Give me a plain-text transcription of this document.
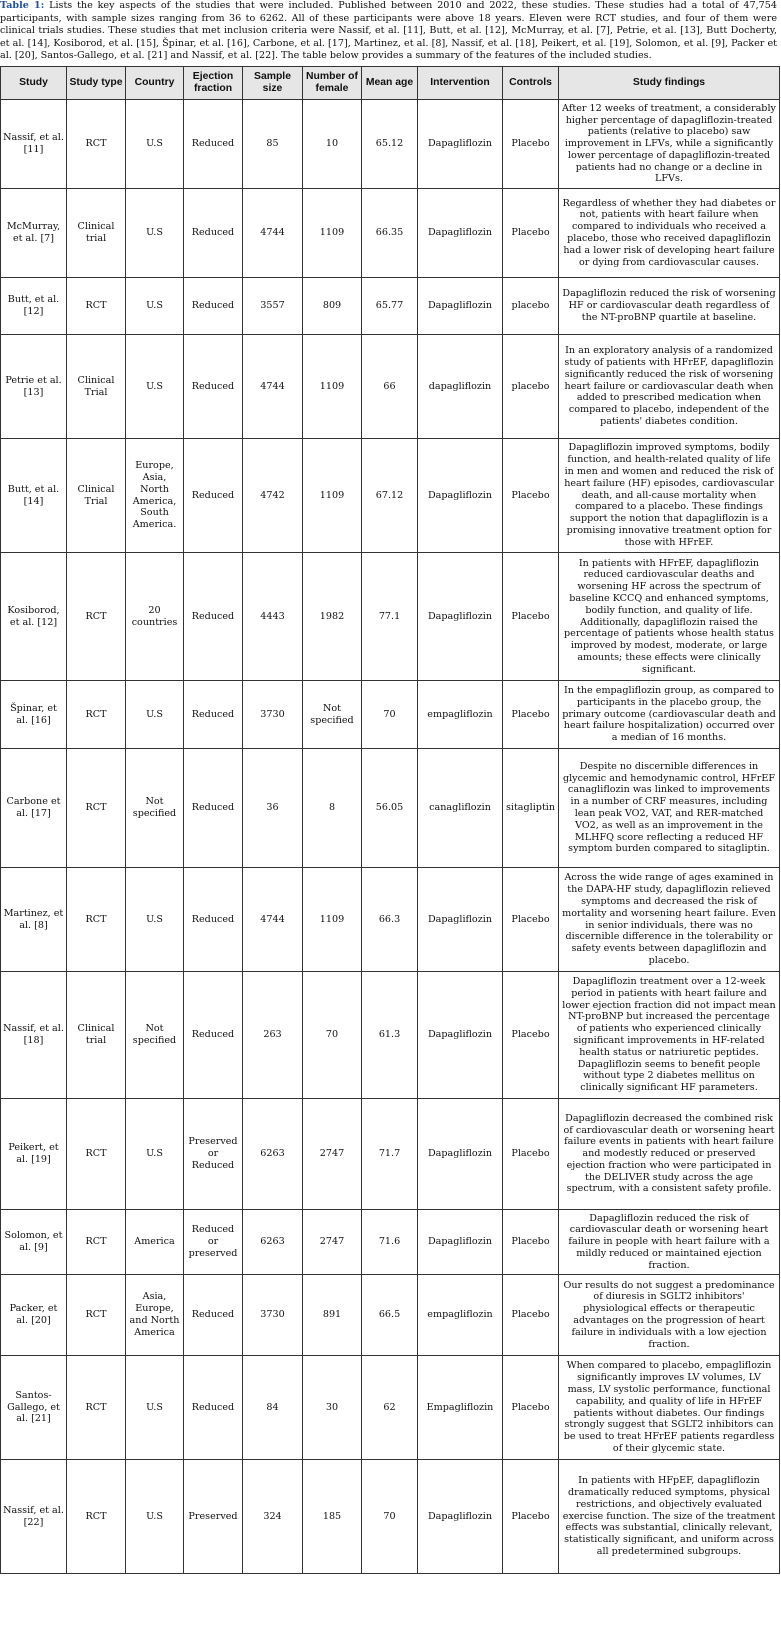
Table 1: Lists the key aspects of the studies that were included. Published between 2010 and 2022, these studies. These studies had a total of 47,754 participants, with sample sizes ranging from 36 to 6262. All of these participants were above 18 years. Eleven were RCT studies, and four of them were clinical trials studies. These studies that met inclusion criteria were Nassif, et al. [11], Butt, et al. [12], McMurray, et al. [7], Petrie, et al. [13], Butt Docherty, et al. [14], Kosiborod, et al. [15], Špinar, et al. [16], Carbone, et al. [17], Martinez, et al. [8], Nassif, et al. [18], Peikert, et al. [19], Solomon, et al. [9], Packer et al. [20], Santos-Gallego, et al. [21] and Nassif, et al. [22]. The table below provides a summary of the features of the included studies.

Study	Study type	Country	Ejection fraction	Sample size	Number of female	Mean age	Intervention	Controls	Study findings
Nassif, et al. [11]	RCT	U.S	Reduced	85	10	65.12	Dapagliflozin	Placebo	After 12 weeks of treatment, a considerably higher percentage of dapagliflozin-treated patients (relative to placebo) saw improvement in LFVs, while a significantly lower percentage of dapagliflozin-treated patients had no change or a decline in LFVs.
McMurray, et al. [7]	Clinical trial	U.S	Reduced	4744	1109	66.35	Dapagliflozin	Placebo	Regardless of whether they had diabetes or not, patients with heart failure when compared to individuals who received a placebo, those who received dapagliflozin had a lower risk of developing heart failure or dying from cardiovascular causes.
Butt, et al. [12]	RCT	U.S	Reduced	3557	809	65.77	Dapagliflozin	placebo	Dapagliflozin reduced the risk of worsening HF or cardiovascular death regardless of the NT-proBNP quartile at baseline.
Petrie et al. [13]	Clinical Trial	U.S	Reduced	4744	1109	66	dapagliflozin	placebo	In an exploratory analysis of a randomized study of patients with HFrEF, dapagliflozin significantly reduced the risk of worsening heart failure or cardiovascular death when added to prescribed medication when compared to placebo, independent of the patients' diabetes condition.
Butt, et al. [14]	Clinical Trial	Europe, Asia, North America, South America.	Reduced	4742	1109	67.12	Dapagliflozin	Placebo	Dapagliflozin improved symptoms, bodily function, and health-related quality of life in men and women and reduced the risk of heart failure (HF) episodes, cardiovascular death, and all-cause mortality when compared to a placebo. These findings support the notion that dapagliflozin is a promising innovative treatment option for those with HFrEF.
Kosiborod, et al. [12]	RCT	20 countries	Reduced	4443	1982	77.1	Dapagliflozin	Placebo	In patients with HFrEF, dapagliflozin reduced cardiovascular deaths and worsening HF across the spectrum of baseline KCCQ and enhanced symptoms, bodily function, and quality of life. Additionally, dapagliflozin raised the percentage of patients whose health status improved by modest, moderate, or large amounts; these effects were clinically significant.
Špinar, et al. [16]	RCT	U.S	Reduced	3730	Not specified	70	empagliflozin	Placebo	In the empagliflozin group, as compared to participants in the placebo group, the primary outcome (cardiovascular death and heart failure hospitalization) occurred over a median of 16 months.
Carbone et al. [17]	RCT	Not specified	Reduced	36	8	56.05	canagliflozin	sitagliptin	Despite no discernible differences in glycemic and hemodynamic control, HFrEF canagliflozin was linked to improvements in a number of CRF measures, including lean peak VO2, VAT, and RER-matched VO2, as well as an improvement in the MLHFQ score reflecting a reduced HF symptom burden compared to sitagliptin.
Martinez, et al. [8]	RCT	U.S	Reduced	4744	1109	66.3	Dapagliflozin	Placebo	Across the wide range of ages examined in the DAPA-HF study, dapagliflozin relieved symptoms and decreased the risk of mortality and worsening heart failure. Even in senior individuals, there was no discernible difference in the tolerability or safety events between dapagliflozin and placebo.
Nassif, et al. [18]	Clinical trial	Not specified	Reduced	263	70	61.3	Dapagliflozin	Placebo	Dapagliflozin treatment over a 12-week period in patients with heart failure and lower ejection fraction did not impact mean NT-proBNP but increased the percentage of patients who experienced clinically significant improvements in HF-related health status or natriuretic peptides. Dapagliflozin seems to benefit people without type 2 diabetes mellitus on clinically significant HF parameters.
Peikert, et al. [19]	RCT	U.S	Preserved or Reduced	6263	2747	71.7	Dapagliflozin	Placebo	Dapagliflozin decreased the combined risk of cardiovascular death or worsening heart failure events in patients with heart failure and modestly reduced or preserved ejection fraction who were participated in the DELIVER study across the age spectrum, with a consistent safety profile.
Solomon, et al. [9]	RCT	America	Reduced or preserved	6263	2747	71.6	Dapagliflozin	Placebo	Dapagliflozin reduced the risk of cardiovascular death or worsening heart failure in people with heart failure with a mildly reduced or maintained ejection fraction.
Packer, et al. [20]	RCT	Asia, Europe, and North America	Reduced	3730	891	66.5	empagliflozin	Placebo	Our results do not suggest a predominance of diuresis in SGLT2 inhibitors' physiological effects or therapeutic advantages on the progression of heart failure in individuals with a low ejection fraction.
Santos-Gallego, et al. [21]	RCT	U.S	Reduced	84	30	62	Empagliflozin	Placebo	When compared to placebo, empagliflozin significantly improves LV volumes, LV mass, LV systolic performance, functional capability, and quality of life in HFrEF patients without diabetes. Our findings strongly suggest that SGLT2 inhibitors can be used to treat HFrEF patients regardless of their glycemic state.
Nassif, et al. [22]	RCT	U.S	Preserved	324	185	70	Dapagliflozin	Placebo	In patients with HFpEF, dapagliflozin dramatically reduced symptoms, physical restrictions, and objectively evaluated exercise function. The size of the treatment effects was substantial, clinically relevant, statistically significant, and uniform across all predetermined subgroups.
